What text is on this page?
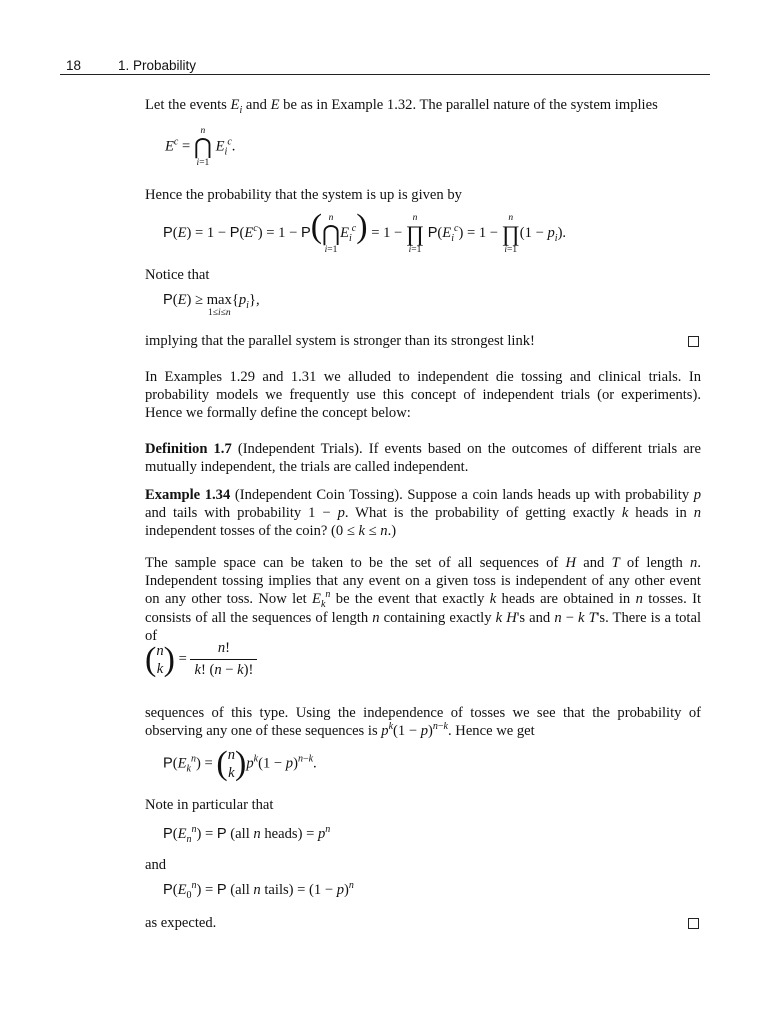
18	1. Probability

Let the events $E_i$ and E be as in Example 1.32. The parallel nature of the system implies

$E^c$ =
n
⋂
i=1
$E_i^c$.

Hence the probability that the system is up is given by

$P(E) = 1 - P(E^c) = 1 - P$( n
⋂
i=1
$E_i^c) = 1$ −
n
∏
i=1
$P(E_i^c) = 1$ −
n
∏
i=1
$(1 - p_i)$.

Notice that

P(E) ≥ max
1≤i≤n
$\{p_i\}$,

implying that the parallel system is stronger than its strongest link!

In Examples 1.29 and 1.31 we alluded to independent die tossing and clinical trials. In probability models we frequently use this concept of independent trials (or experiments). Hence we formally define the concept below:

Definition 1.7 (Independent Trials). If events based on the outcomes of different trials are mutually independent, the trials are called independent.

Example 1.34 (Independent Coin Tossing). Suppose a coin lands heads up with probability p and tails with probability 1 − p. What is the probability of getting exactly k heads in n independent tosses of the coin? (0 ≤ k ≤ n.)

The sample space can be taken to be the set of all sequences of H and T of length n. Independent tossing implies that any event on a given toss is independent of any other event on any other toss. Now let $E_k^n$ be the event that exactly k heads are obtained in n tosses. It consists of all the sequences of length n containing exactly k H's and n − k T's. There is a total of

(n
$k) = \frac{n!}{k! (n - k)!}$

sequences of this type. Using the independence of tosses we see that the probability of observing any one of these sequences is $p^k(1 - p)^{n-k}$. Hence we get

$P(E_k^n) = (n$
$k)p^k(1 - p)^{n-k}$.

Note in particular that

$P(E_n^n) = P$ (all n heads) = $p^n$

and

$P(E_0^n) = P$ (all n tails) = $(1 - p)^n$

as expected.
